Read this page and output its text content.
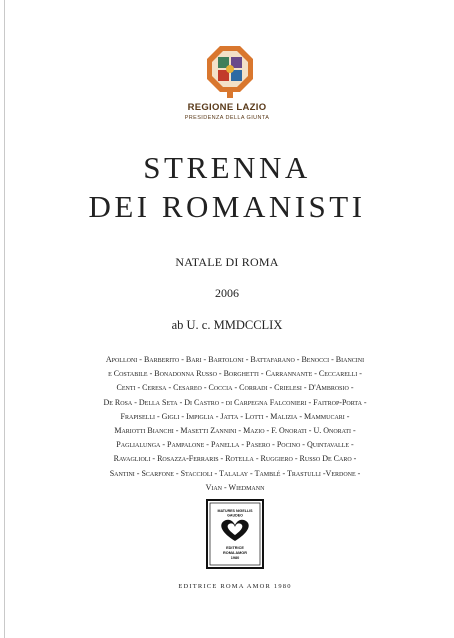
REGIONE LAZIO
PRESIDENZA DELLA GIUNTA
STRENNA
DEI ROMANISTI
NATALE DI ROMA
2006
ab U. c. MMDCCLIX
Apolloni - Barberito - Bari - Bartoloni - Battafarano - Benocci - Biancini
e Costabile - Bonadonna Russo - Borghetti - Carrannante - Ceccarelli -
Centi - Ceresa - Cesareo - Coccia - Corradi - Crielesi - D'Ambrosio -
De Rosa - Della Seta - Di Castro - di Carpegna Falconieri - Faitrop-Porta -
Frapiselli - Gigli - Impiglia - Jatta - Lotti - Malizia - Mammucari -
Mariotti Bianchi - Masetti Zannini - Mazio - F. Onorati - U. Onorati -
Paglialunga - Pampalone - Panella - Pasero - Pocino - Quintavalle -
Ravaglioli - Rosazza-Ferraris - Rotella - Ruggiero - Russo De Caro -
Santini - Scarfone - Staccioli - Talalay - Tamblé - Trastulli -Verdone -
Vian - Wiedmann
MATURES NIGELLIS
GAUDEO
EDITRICE
ROMA AMOR
1980
EDITRICE ROMA AMOR 1980
